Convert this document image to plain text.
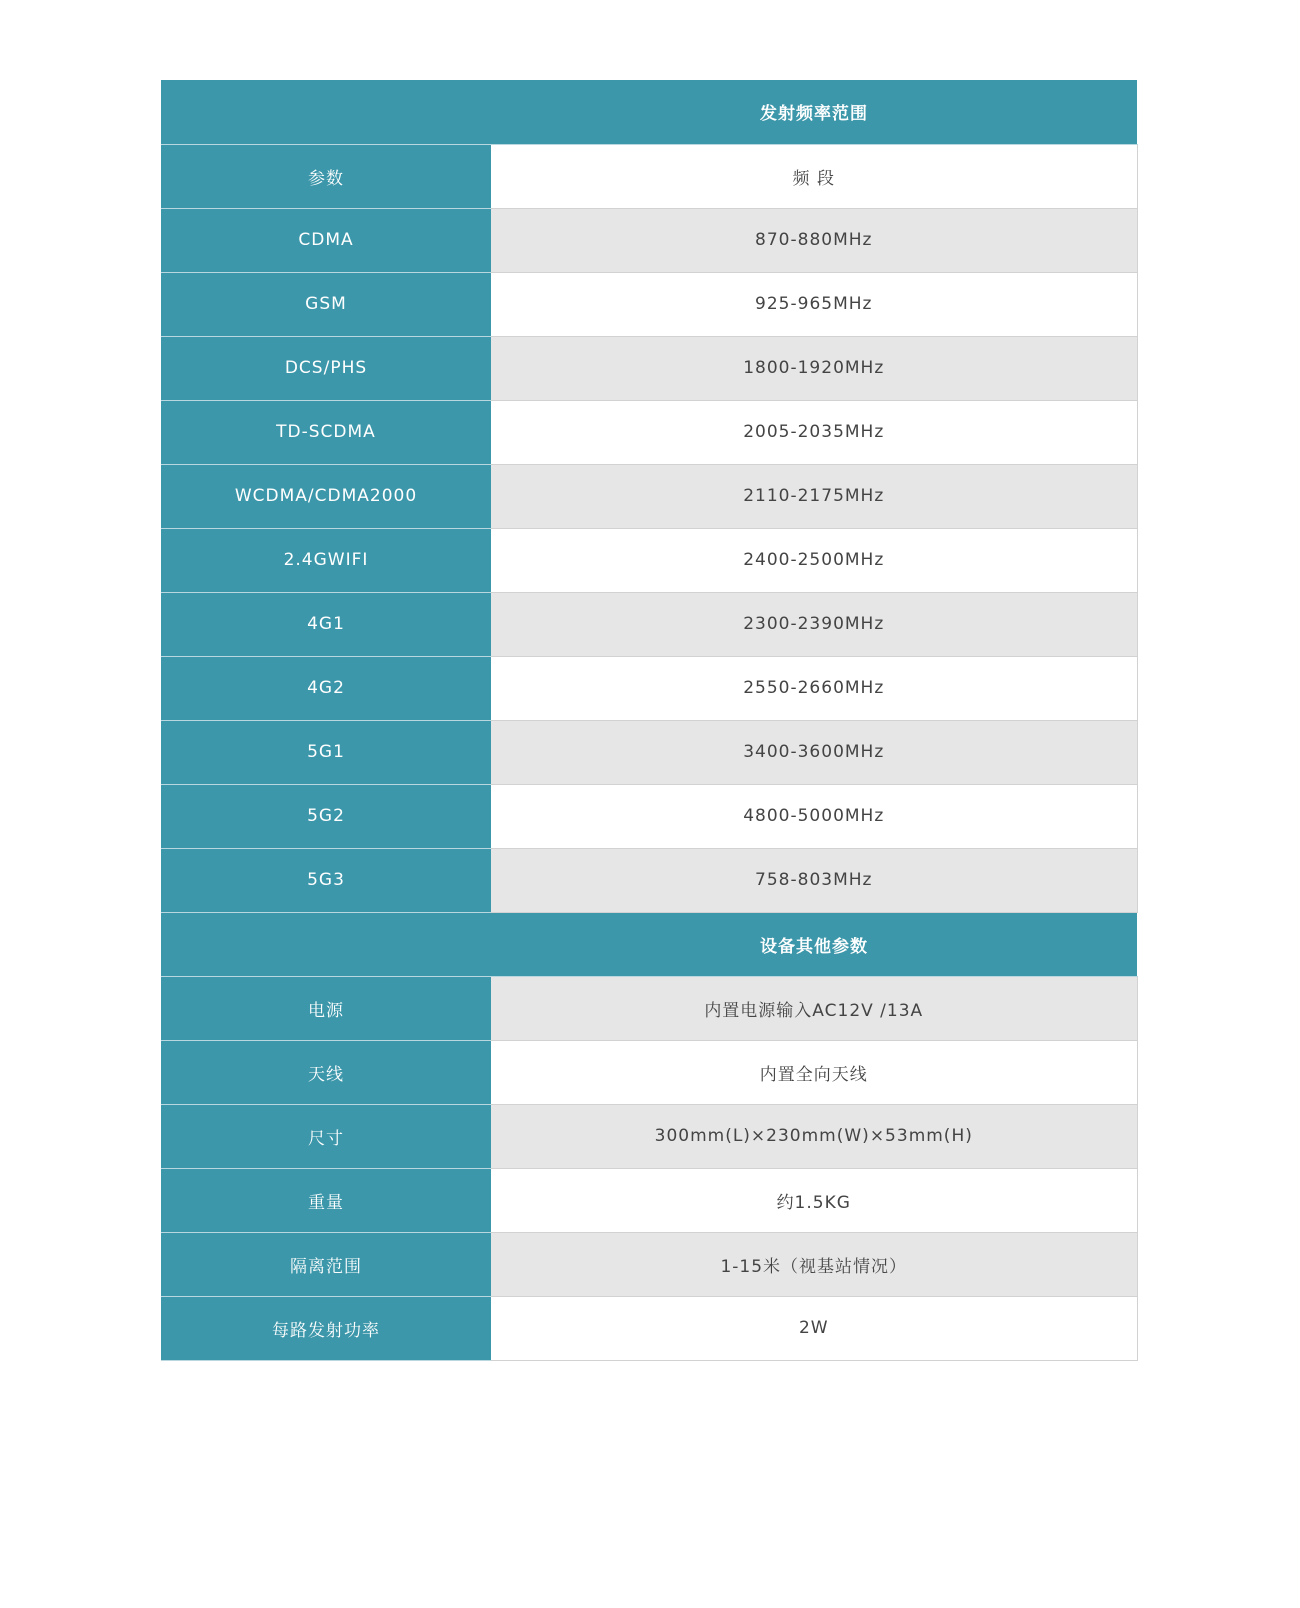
发射频率范围	
参数	频 段
CDMA	870-880MHz
GSM	925-965MHz
DCS/PHS	1800-1920MHz
TD-SCDMA	2005-2035MHz
WCDMA/CDMA2000	2110-2175MHz
2.4GWIFI	2400-2500MHz
4G1	2300-2390MHz
4G2	2550-2660MHz
5G1	3400-3600MHz
5G2	4800-5000MHz
5G3	758-803MHz
设备其他参数	
电源	内置电源输入AC12V /13A
天线	内置全向天线
尺寸	300mm(L)×230mm(W)×53mm(H)
重量	约1.5KG
隔离范围	1-15米（视基站情况）
每路发射功率	2W
